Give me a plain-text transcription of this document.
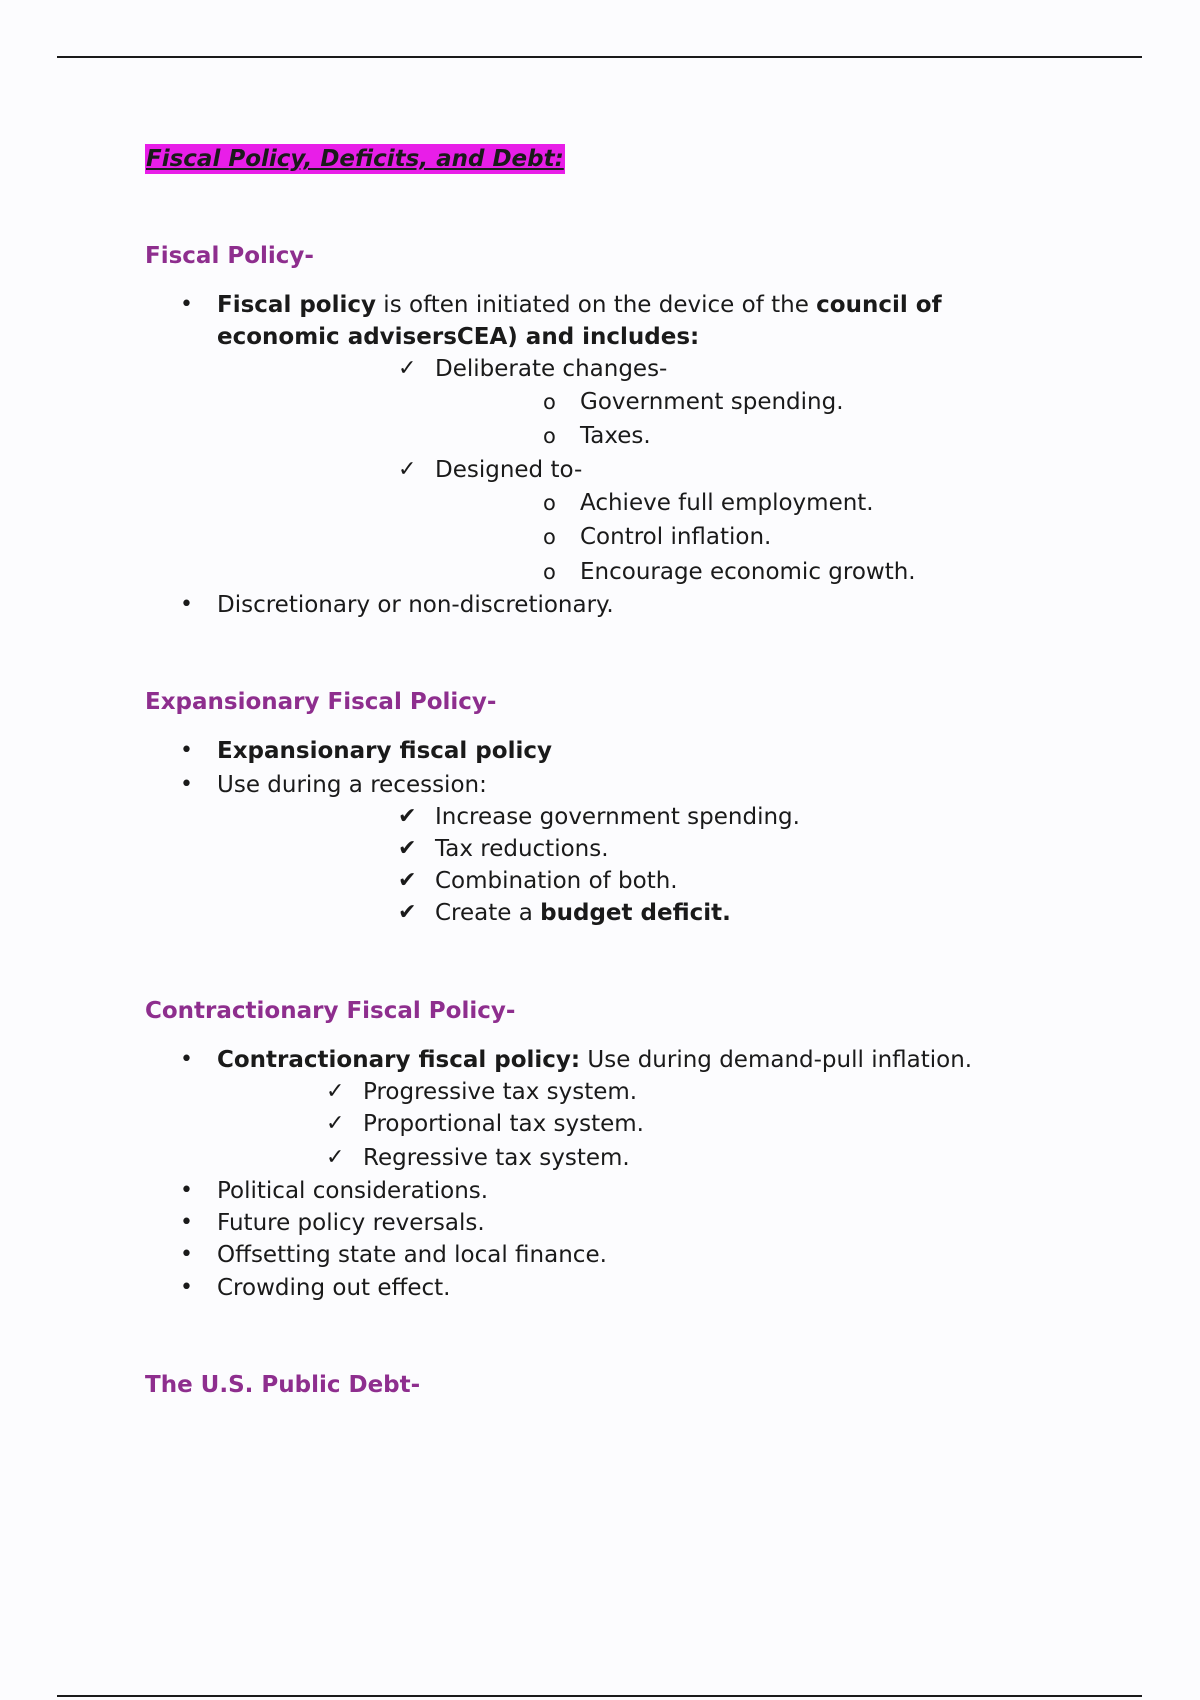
Fiscal Policy, Deficits, and Debt:
Fiscal Policy-
• Fiscal policy is often initiated on the device of the council of
economic advisersCEA) and includes:
✓ Deliberate changes-
o Government spending.
o Taxes.
✓ Designed to-
o Achieve full employment.
o Control inflation.
o Encourage economic growth.
• Discretionary or non-discretionary.
Expansionary Fiscal Policy-
• Expansionary fiscal policy
• Use during a recession:
✔ Increase government spending.
✔ Tax reductions.
✔ Combination of both.
✔ Create a budget deficit.
Contractionary Fiscal Policy-
• Contractionary fiscal policy: Use during demand-pull inflation.
✓ Progressive tax system.
✓ Proportional tax system.
✓ Regressive tax system.
• Political considerations.
• Future policy reversals.
• Offsetting state and local finance.
• Crowding out effect.
The U.S. Public Debt-
